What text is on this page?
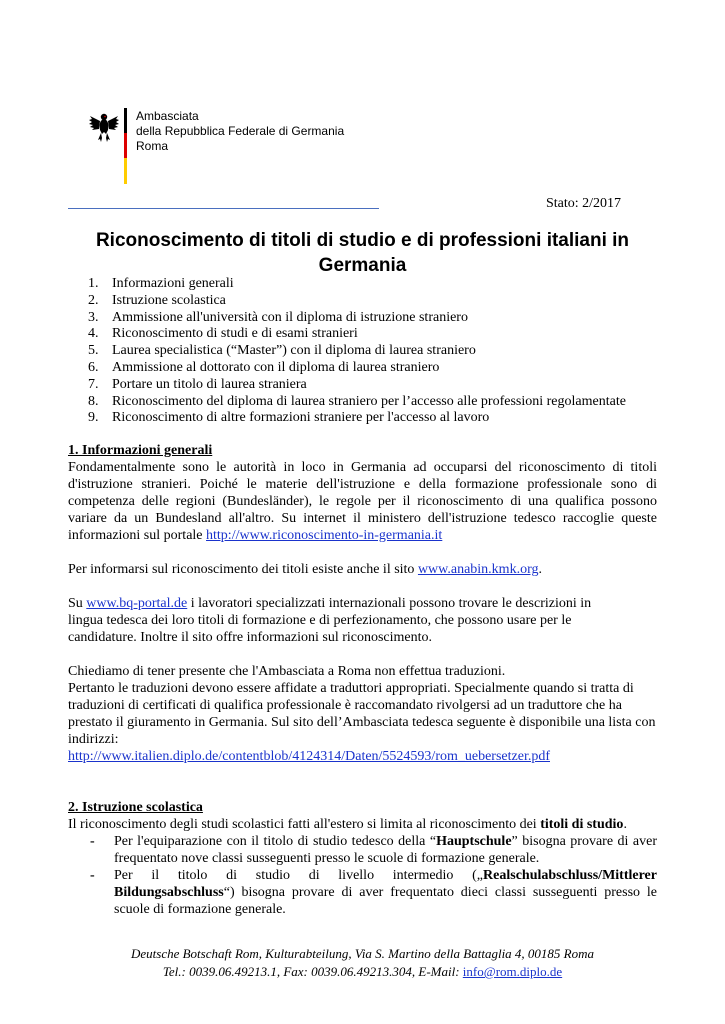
Ambasciata
della Repubblica Federale di Germania
Roma
Stato: 2/2017
Riconoscimento di titoli di studio e di professioni italiani in Germania
1. Informazioni generali
2. Istruzione scolastica
3. Ammissione all'università con il diploma di istruzione straniero
4. Riconoscimento di studi e di esami stranieri
5. Laurea specialistica (“Master”) con il diploma di laurea straniero
6. Ammissione al dottorato con il diploma di laurea straniero
7. Portare un titolo di laurea straniera
8. Riconoscimento del diploma di laurea straniero per l’accesso alle professioni regolamentate
9. Riconoscimento di altre formazioni straniere per l'accesso al lavoro
1. Informazioni generali
Fondamentalmente sono le autorità in loco in Germania ad occuparsi del riconoscimento di titoli d'istruzione stranieri. Poiché le materie dell'istruzione e della formazione professionale sono di competenza delle regioni (Bundesländer), le regole per il riconoscimento di una qualifica possono variare da un Bundesland all'altro. Su internet il ministero dell'istruzione tedesco raccoglie queste informazioni sul portale http://www.riconoscimento-in-germania.it
Per informarsi sul riconoscimento dei titoli esiste anche il sito www.anabin.kmk.org.
Su www.bq-portal.de i lavoratori specializzati internazionali possono trovare le descrizioni in lingua tedesca dei loro titoli di formazione e di perfezionamento, che possono usare per le candidature. Inoltre il sito offre informazioni sul riconoscimento.
Chiediamo di tener presente che l'Ambasciata a Roma non effettua traduzioni.
Pertanto le traduzioni devono essere affidate a traduttori appropriati. Specialmente quando si tratta di traduzioni di certificati di qualifica professionale è raccomandato rivolgersi ad un traduttore che ha prestato il giuramento in Germania. Sul sito dell’Ambasciata tedesca seguente è disponibile una lista con indirizzi:
http://www.italien.diplo.de/contentblob/4124314/Daten/5524593/rom_uebersetzer.pdf
2. Istruzione scolastica
Il riconoscimento degli studi scolastici fatti all'estero si limita al riconoscimento dei titoli di studio.
- Per l'equiparazione con il titolo di studio tedesco della “Hauptschule” bisogna provare di aver frequentato nove classi susseguenti presso le scuole di formazione generale.
- Per il titolo di studio di livello intermedio („Realschulabschluss/Mittlerer Bildungsabschluss“) bisogna provare di aver frequentato dieci classi susseguenti presso le scuole di formazione generale.
Deutsche Botschaft Rom, Kulturabteilung, Via S. Martino della Battaglia 4, 00185 Roma
Tel.: 0039.06.49213.1, Fax: 0039.06.49213.304, E-Mail: info@rom.diplo.de
